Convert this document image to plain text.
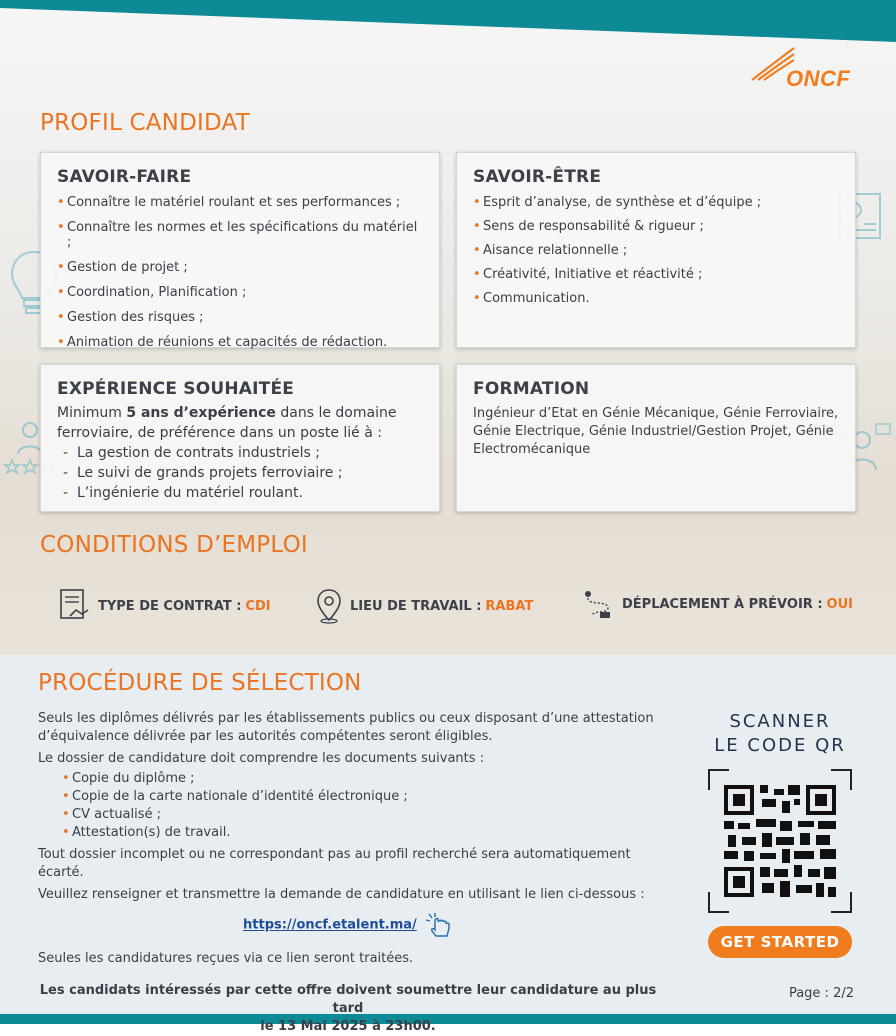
ONCF
PROFIL CANDIDAT
SAVOIR-FAIRE
• Connaître le matériel roulant et ses performances ;
• Connaître les normes et les spécifications du matériel ;
• Gestion de projet ;
• Coordination, Planification ;
• Gestion des risques ;
• Animation de réunions et capacités de rédaction.
SAVOIR-ÊTRE
• Esprit d’analyse, de synthèse et d’équipe ;
• Sens de responsabilité & rigueur ;
• Aisance relationnelle ;
• Créativité, Initiative et réactivité ;
• Communication.
EXPÉRIENCE SOUHAITÉE
Minimum 5 ans d’expérience dans le domaine ferroviaire, de préférence dans un poste lié à :
- La gestion de contrats industriels ;
- Le suivi de grands projets ferroviaire ;
- L’ingénierie du matériel roulant.
FORMATION
Ingénieur d’Etat en Génie Mécanique, Génie Ferroviaire, Génie Electrique, Génie Industriel/Gestion Projet, Génie Electromécanique
CONDITIONS D’EMPLOI
TYPE DE CONTRAT : CDI	LIEU DE TRAVAIL : RABAT	DÉPLACEMENT À PRÉVOIR : OUI
PROCÉDURE DE SÉLECTION

Seuls les diplômes délivrés par les établissements publics ou ceux disposant d’une attestation d’équivalence délivrée par les autorités compétentes seront éligibles.

Le dossier de candidature doit comprendre les documents suivants :

• Copie du diplôme ;
• Copie de la carte nationale d’identité électronique ;
• CV actualisé ;
• Attestation(s) de travail.

Tout dossier incomplet ou ne correspondant pas au profil recherché sera automatiquement écarté.

Veuillez renseigner et transmettre la demande de candidature en utilisant le lien ci-dessous :

https://oncf.etalent.ma/

Seules les candidatures reçues via ce lien seront traitées.

Les candidats intéressés par cette offre doivent soumettre leur candidature au plus tard
le 13 Mai 2025 à 23h00.
SCANNER
LE CODE QR
GET STARTED
Page : 2/2
